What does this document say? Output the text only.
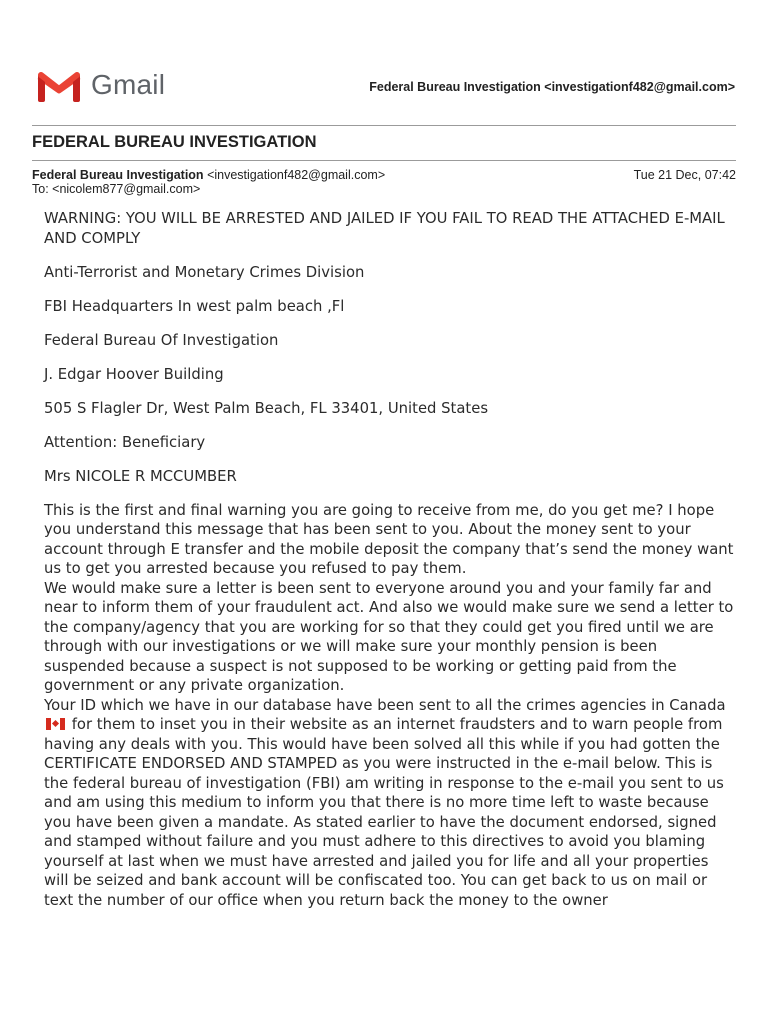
Gmail	Federal Bureau Investigation <investigationf482@gmail.com>
FEDERAL BUREAU INVESTIGATION
Federal Bureau Investigation <investigationf482@gmail.com>	Tue 21 Dec, 07:42
To: <nicolem877@gmail.com>

WARNING: YOU WILL BE ARRESTED AND JAILED IF YOU FAIL TO READ THE ATTACHED E-MAIL AND COMPLY

Anti-Terrorist and Monetary Crimes Division

FBI Headquarters In west palm beach ,Fl

Federal Bureau Of Investigation

J. Edgar Hoover Building

505 S Flagler Dr, West Palm Beach, FL 33401, United States

Attention: Beneficiary

Mrs NICOLE R MCCUMBER

This is the first and final warning you are going to receive from me, do you get me? I hope you understand this message that has been sent to you. About the money sent to your account through E transfer and the mobile deposit the company that’s send the money want us to get you arrested because you refused to pay them.

We would make sure a letter is been sent to everyone around you and your family far and near to inform them of your fraudulent act. And also we would make sure we send a letter to the company/agency that you are working for so that they could get you fired until we are through with our investigations or we will make sure your monthly pension is been suspended because a suspect is not supposed to be working or getting paid from the government or any private organization.

Your ID which we have in our database have been sent to all the crimes agencies in Canada  for them to inset you in their website as an internet fraudsters and to warn people from having any deals with you. This would have been solved all this while if you had gotten the CERTIFICATE ENDORSED AND STAMPED as you were instructed in the e-mail below. This is the federal bureau of investigation (FBI) am writing in response to the e-mail you sent to us and am using this medium to inform you that there is no more time left to waste because you have been given a mandate. As stated earlier to have the document endorsed, signed and stamped without failure and you must adhere to this directives to avoid you blaming yourself at last when we must have arrested and jailed you for life and all your properties will be seized and bank account will be confiscated too. You can get back to us on mail or text the number of our office when you return back the money to the owner
